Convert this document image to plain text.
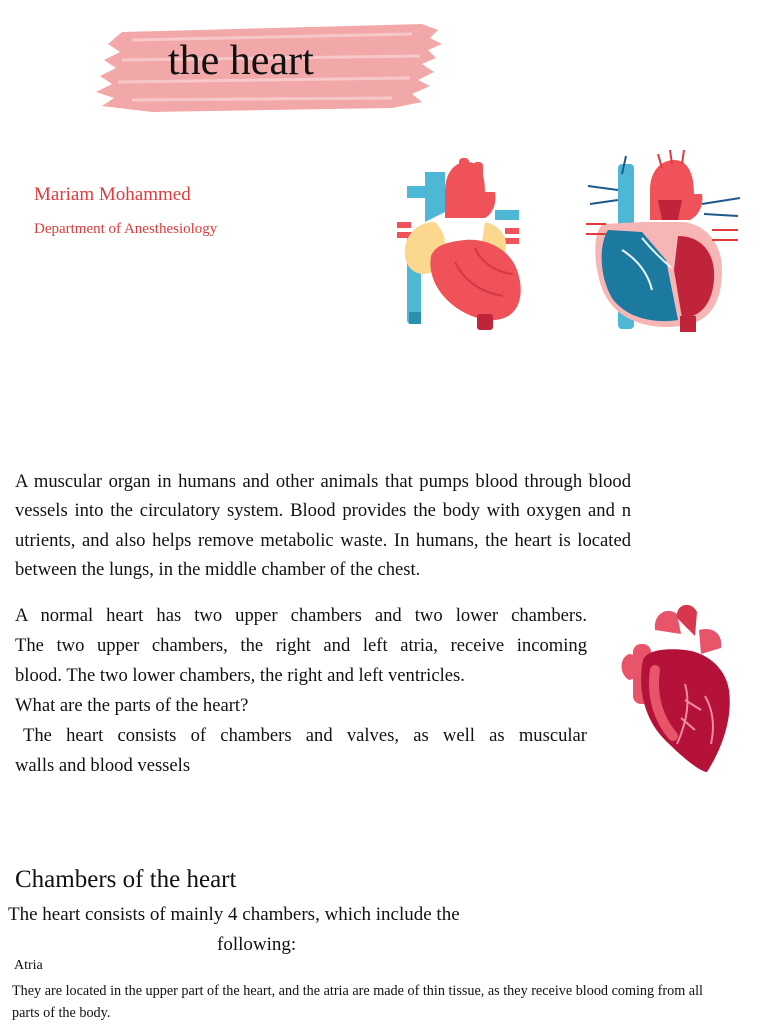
the heart
Mariam Mohammed
Department of Anesthesiology
A muscular organ in humans and other animals that pumps blood through blood vessels into the circulatory system. Blood provides the body with oxygen and n utrients, and also helps remove metabolic waste. In humans, the heart is located between the lungs, in the middle chamber of the chest.
A normal heart has two upper chambers and two lower chambers.
The two upper chambers, the right and left atria, receive incoming
blood. The two lower chambers, the right and left ventricles.
What are the parts of the heart?
The heart consists of chambers and valves, as well as muscular
walls and blood vessels
Chambers of the heart
The heart consists of mainly 4 chambers, which include the
following:
Atria
They are located in the upper part of the heart, and the atria are made of thin tissue, as they receive blood coming from all parts of the body.
